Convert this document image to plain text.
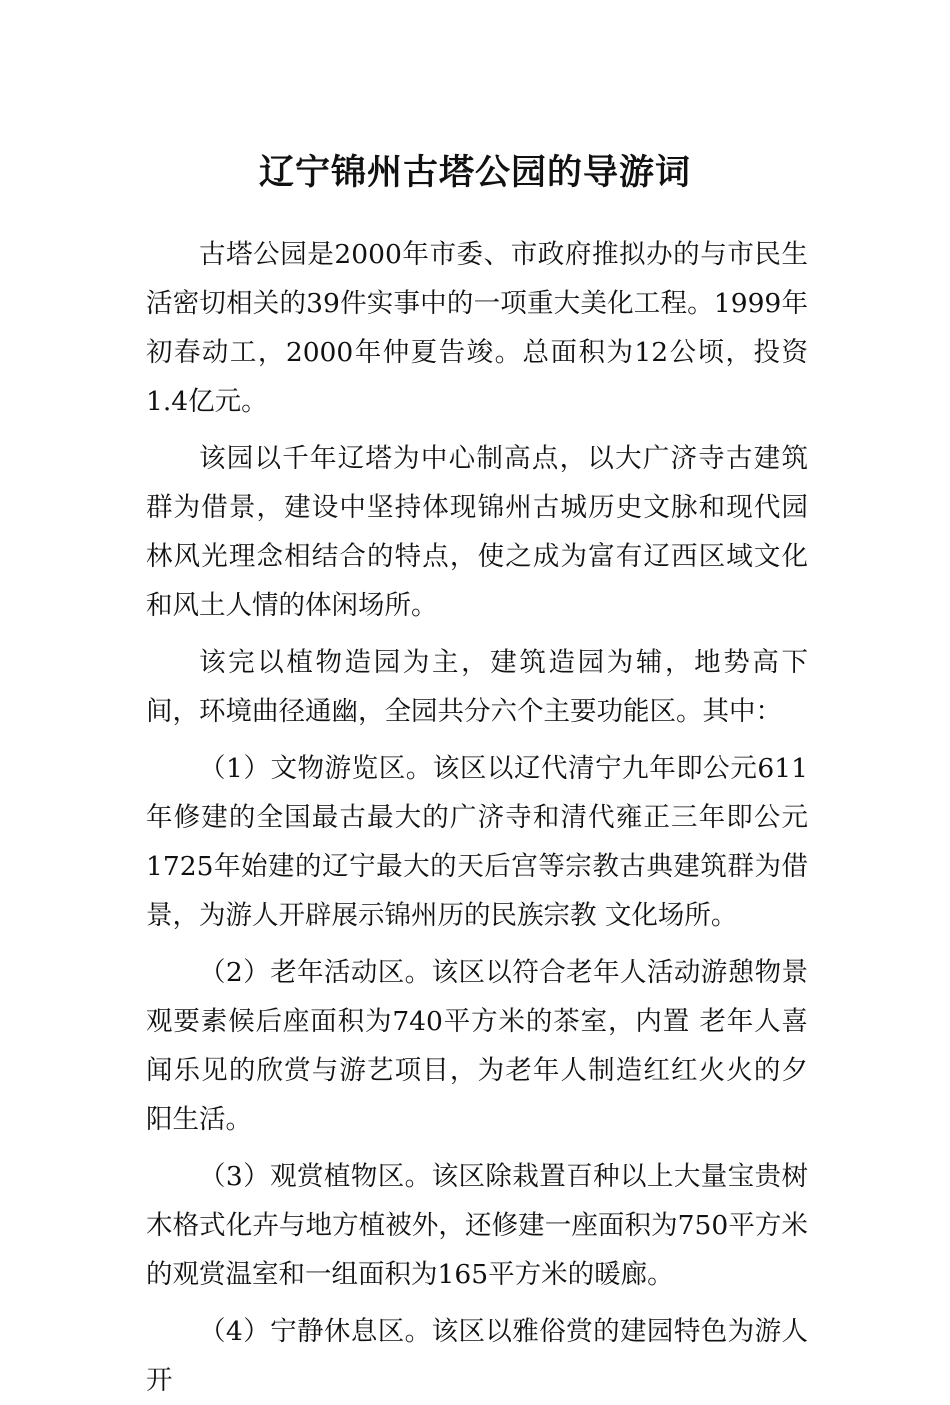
辽宁锦州古塔公园的导游词

古塔公园是2000年市委、市政府推拟办的与市民生活密切相关的39件实事中的一项重大美化工程。1999年初春动工，2000年仲夏告竣。总面积为12公顷，投资1.4亿元。

该园以千年辽塔为中心制高点，以大广济寺古建筑群为借景，建设中坚持体现锦州古城历史文脉和现代园林风光理念相结合的特点，使之成为富有辽西区域文化和风土人情的体闲场所。

该完以植物造园为主，建筑造园为辅，地势高下间，环境曲径通幽，全园共分六个主要功能区。其中：

（1）文物游览区。该区以辽代清宁九年即公元611年修建的全国最古最大的广济寺和清代雍正三年即公元1725年始建的辽宁最大的天后宫等宗教古典建筑群为借景，为游人开辟展示锦州历的民族宗教 文化场所。

（2）老年活动区。该区以符合老年人活动游憩物景观要素候后座面积为740平方米的茶室，内置 老年人喜闻乐见的欣赏与游艺项目，为老年人制造红红火火的夕阳生活。

（3）观赏植物区。该区除栽置百种以上大量宝贵树木格式化卉与地方植被外，还修建一座面积为750平方米的观赏温室和一组面积为165平方米的暖廊。

（4）宁静休息区。该区以雅俗赏的建园特色为游人开
